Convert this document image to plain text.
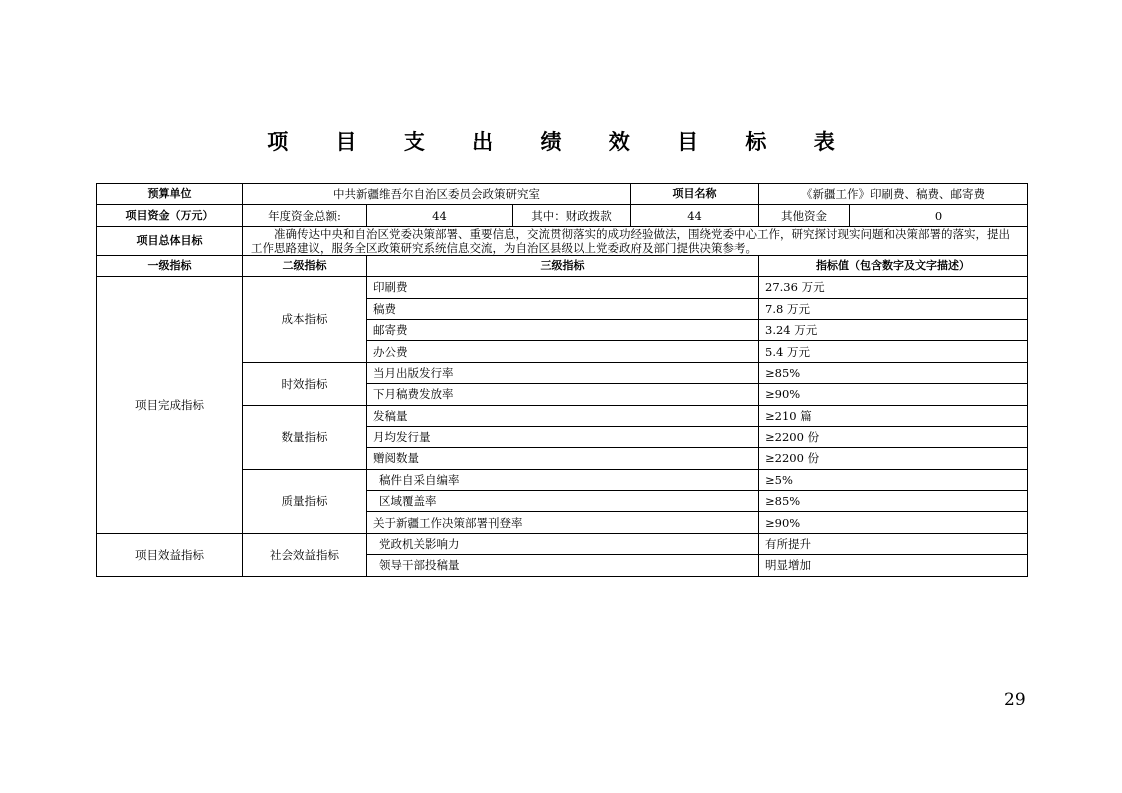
项 目 支 出 绩 效 目 标 表
预算单位	中共新疆维吾尔自治区委员会政策研究室			项目名称	《新疆工作》印刷费、稿费、邮寄费	
项目资金（万元）	年度资金总额:	44	其中：财政拨款	44	其他资金	0
项目总体目标	准确传达中央和自治区党委决策部署、重要信息，交流贯彻落实的成功经验做法，围绕党委中心工作，研究探讨现实问题和决策部署的落实，提出工作思路建议，服务全区政策研究系统信息交流，为自治区县级以上党委政府及部门提供决策参考。					
一级指标	二级指标	三级指标			指标值（包含数字及文字描述）	
项目完成指标	成本指标	印刷费			27.36 万元	
		稿费			7.8 万元	
		邮寄费			3.24 万元	
		办公费			5.4 万元	
	时效指标	当月出版发行率			≥85%	
		下月稿费发放率			≥90%	
	数量指标	发稿量			≥210 篇	
		月均发行量			≥2200 份	
		赠阅数量			≥2200 份	
	质量指标	稿件自采自编率			≥5%	
		区域覆盖率			≥85%	
		关于新疆工作决策部署刊登率			≥90%	
项目效益指标	社会效益指标	党政机关影响力			有所提升	
		领导干部投稿量			明显增加	
29
